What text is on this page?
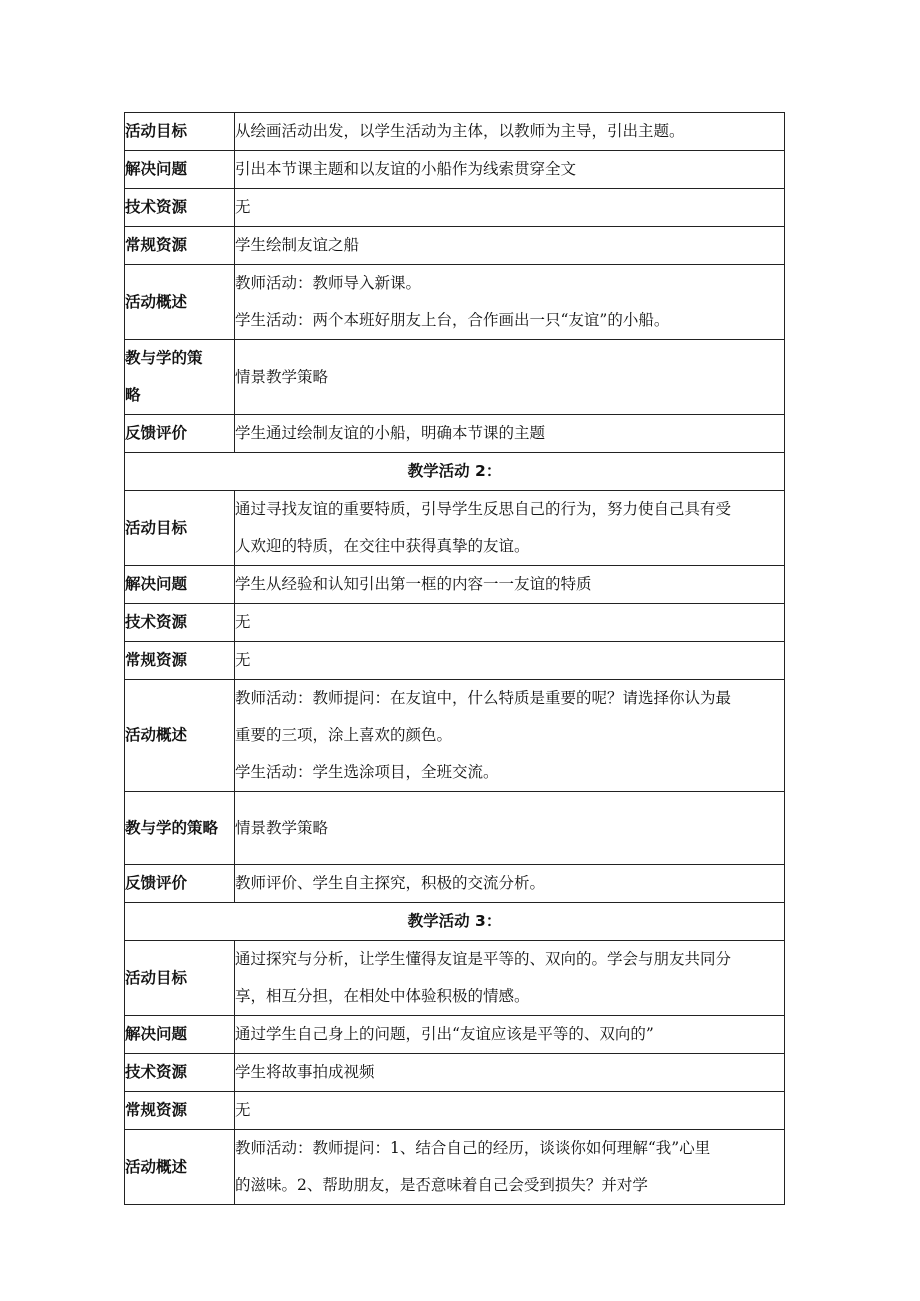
活动目标	从绘画活动出发，以学生活动为主体，以教师为主导，引出主题。
解决问题	引出本节课主题和以友谊的小船作为线索贯穿全文
技术资源	无
常规资源	学生绘制友谊之船
活动概述	教师活动：教师导入新课。
学生活动：两个本班好朋友上台，合作画出一只“友谊”的小船。

教与学的策
略	情景教学策略
反馈评价	学生通过绘制友谊的小船，明确本节课的主题
教学活动 2：	
活动目标	通过寻找友谊的重要特质，引导学生反思自己的行为，努力使自己具有受
人欢迎的特质，在交往中获得真挚的友谊。

解决问题	学生从经验和认知引出第一框的内容一一友谊的特质
技术资源	无
常规资源	无
活动概述	教师活动：教师提问：在友谊中，什么特质是重要的呢？请选择你认为最
重要的三项，涂上喜欢的颜色。
学生活动：学生选涂项目，全班交流。

教与学的策略	情景教学策略
反馈评价	教师评价、学生自主探究，积极的交流分析。
教学活动 3：	
活动目标	通过探究与分析，让学生懂得友谊是平等的、双向的。学会与朋友共同分
享，相互分担，在相处中体验积极的情感。

解决问题	通过学生自己身上的问题，引出“友谊应该是平等的、双向的”
技术资源	学生将故事拍成视频
常规资源	无
活动概述	教师活动：教师提问：1、结合自己的经历，谈谈你如何理解“我”心里
的滋味。2、帮助朋友，是否意味着自己会受到损失？并对学
